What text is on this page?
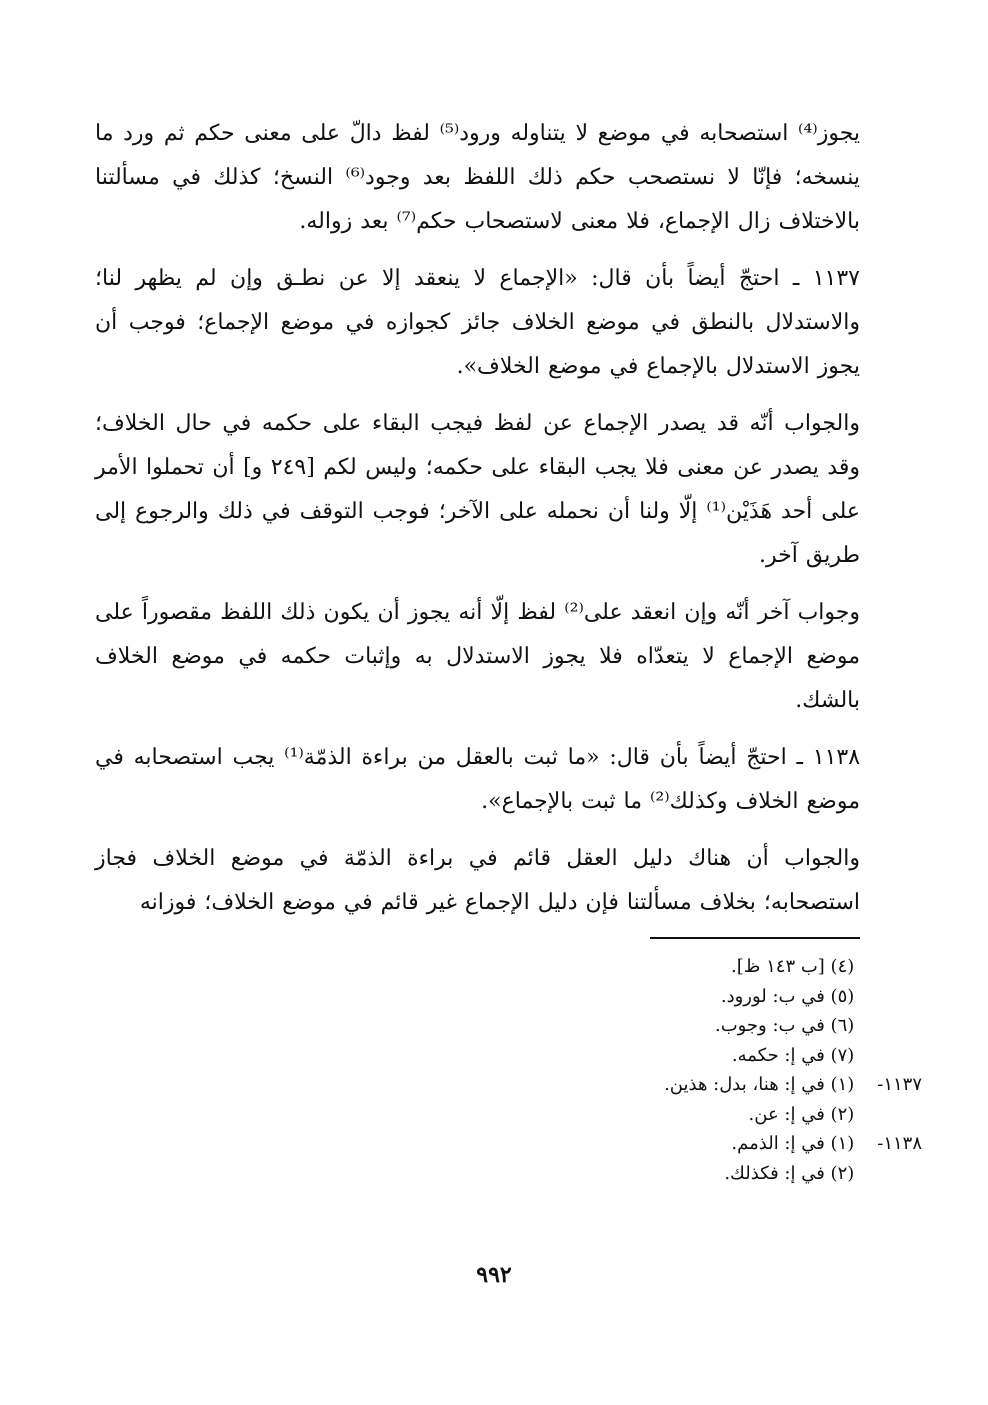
يجوز⁽⁴⁾ استصحابه في موضع لا يتناوله ورود⁽⁵⁾ لفظ دالّ على معنى حكم ثم ورد ما ينسخه؛ فإنّا لا نستصحب حكم ذلك اللفظ بعد وجود⁽⁶⁾ النسخ؛ كذلك في مسألتنا بالاختلاف زال الإجماع، فلا معنى لاستصحاب حكم⁽⁷⁾ بعد زواله.

١١٣٧ ـ احتجّ أيضاً بأن قال: «الإجماع لا ينعقد إلا عن نطـق وإن لم يظهر لنا؛ والاستدلال بالنطق في موضع الخلاف جائز كجوازه في موضع الإجماع؛ فوجب أن يجوز الاستدلال بالإجماع في موضع الخلاف».

والجواب أنّه قد يصدر الإجماع عن لفظ فيجب البقاء على حكمه في حال الخلاف؛ وقد يصدر عن معنى فلا يجب البقاء على حكمه؛ وليس لكم [٢٤٩ و] أن تحملوا الأمر على أحد هَذَيْن⁽¹⁾ إلّا ولنا أن نحمله على الآخر؛ فوجب التوقف في ذلك والرجوع إلى طريق آخر.

وجواب آخر أنّه وإن انعقد على⁽²⁾ لفظ إلّا أنه يجوز أن يكون ذلك اللفظ مقصوراً على موضع الإجماع لا يتعدّاه فلا يجوز الاستدلال به وإثبات حكمه في موضع الخلاف بالشك.

١١٣٨ ـ احتجّ أيضاً بأن قال: «ما ثبت بالعقل من براءة الذمّة⁽¹⁾ يجب استصحابه في موضع الخلاف وكذلك⁽²⁾ ما ثبت بالإجماع».

والجواب أن هناك دليل العقل قائم في براءة الذمّة في موضع الخلاف فجاز استصحابه؛ بخلاف مسألتنا فإن دليل الإجماع غير قائم في موضع الخلاف؛ فوزانه

(٤) [ب ١٤٣ ظ].
(٥) في ب: لورود.
(٦) في ب: وجوب.
(٧) في إ: حكمه.
١١٣٧- (١) في إ: هنا، بدل: هذين.
(٢) في إ: عن.
١١٣٨- (١) في إ: الذمم.
(٢) في إ: فكذلك.
٩٩٢
